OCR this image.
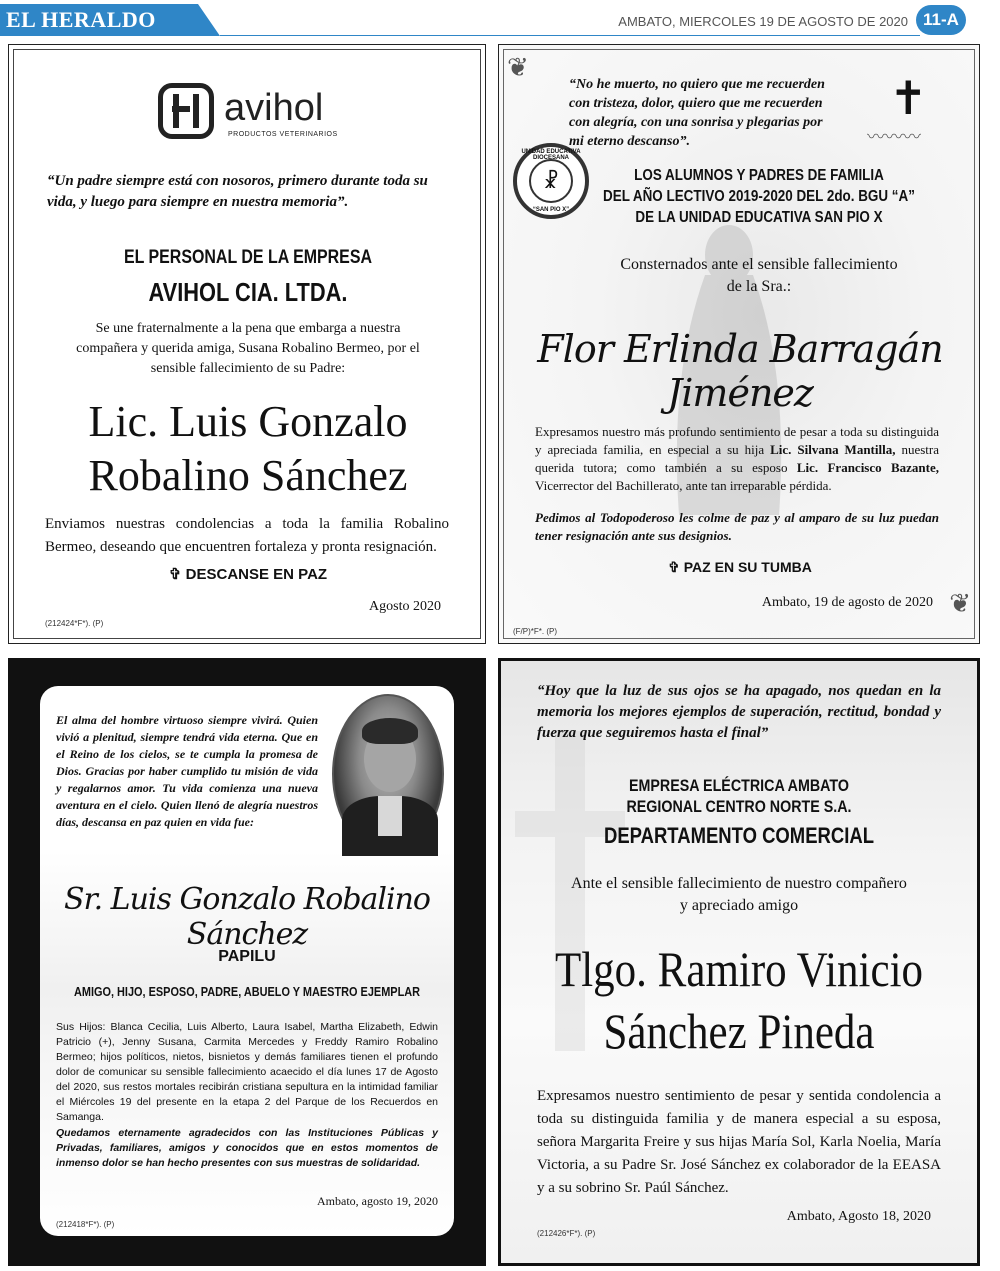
EL HERALDO	AMBATO, MIERCOLES 19 DE AGOSTO DE 2020 11-A
avihol
PRODUCTOS VETERINARIOS
“Un padre siempre está con nosoros, primero durante toda su vida, y luego para siempre en nuestra memoria”.
EL PERSONAL DE LA EMPRESA
AVIHOL CIA. LTDA.
Se une fraternalmente a la pena que embarga a nuestra compañera y querida amiga, Susana Robalino Bermeo, por el sensible fallecimiento de su Padre:
Lic. Luis Gonzalo
Robalino Sánchez
Enviamos nuestras condolencias a toda la familia Robalino Bermeo, deseando que encuentren fortaleza y pronta resignación.
✞ DESCANSE EN PAZ
Agosto 2020
(212424*F*). (P)
❦
❦
“No he muerto, no quiero que me recuerden con tristeza, dolor, quiero que me recuerden con alegría, con una sonrisa y plegarias por mi eterno descanso”.
✝
〰〰〰
UNIDAD EDUCATIVA DIOCESANA
☧
“SAN PIO X”
LOS ALUMNOS Y PADRES DE FAMILIA
DEL AÑO LECTIVO 2019-2020 DEL 2do. BGU “A”
DE LA UNIDAD EDUCATIVA SAN PIO X
Consternados ante el sensible fallecimiento
de la Sra.:
Flor Erlinda Barragán Jiménez
Expresamos nuestro más profundo sentimiento de pesar a toda su distinguida y apreciada familia, en especial a su hija Lic. Silvana Mantilla, nuestra querida tutora; como también a su esposo Lic. Francisco Bazante, Vicerrector del Bachillerato, ante tan irreparable pérdida.
Pedimos al Todopoderoso les colme de paz y al amparo de su luz puedan tener resignación ante sus designios.
✞ PAZ EN SU TUMBA
Ambato, 19 de agosto de 2020
(F/P)*F*. (P)
El alma del hombre virtuoso siempre vivirá. Quien vivió a plenitud, siempre tendrá vida eterna. Que en el Reino de los cielos, se te cumpla la promesa de Dios. Gracias por haber cumplido tu misión de vida y regalarnos amor. Tu vida comienza una nueva aventura en el cielo. Quien llenó de alegría nuestros días, descansa en paz quien en vida fue:
Sr. Luis Gonzalo Robalino Sánchez
PAPILU
AMIGO, HIJO, ESPOSO, PADRE, ABUELO Y MAESTRO EJEMPLAR
Sus Hijos: Blanca Cecilia, Luis Alberto, Laura Isabel, Martha Elizabeth, Edwin Patricio (+), Jenny Susana, Carmita Mercedes y Freddy Ramiro Robalino Bermeo; hijos políticos, nietos, bisnietos y demás familiares tienen el profundo dolor de comunicar su sensible fallecimiento acaecido el día lunes 17 de Agosto del 2020, sus restos mortales recibirán cristiana sepultura en la intimidad familiar el Miércoles 19 del presente en la etapa 2 del Parque de los Recuerdos en Samanga.
Quedamos eternamente agradecidos con las Instituciones Públicas y Privadas, familiares, amigos y conocidos que en estos momentos de inmenso dolor se han hecho presentes con sus muestras de solidaridad.
Ambato, agosto 19, 2020
(212418*F*). (P)
“Hoy que la luz de sus ojos se ha apagado, nos quedan en la memoria los mejores ejemplos de superación, rectitud, bondad y fuerza que seguiremos hasta el final”
EMPRESA ELÉCTRICA AMBATO
REGIONAL CENTRO NORTE S.A.
DEPARTAMENTO COMERCIAL
Ante el sensible fallecimiento de nuestro compañero
y apreciado amigo
Tlgo. Ramiro Vinicio
Sánchez Pineda
Expresamos nuestro sentimiento de pesar y sentida condolencia a toda su distinguida familia y de manera especial a su esposa, señora Margarita Freire y sus hijas María Sol, Karla Noelia, María Victoria, a su Padre Sr. José Sánchez ex colaborador de la EEASA y a su sobrino Sr. Paúl Sánchez.
Ambato, Agosto 18, 2020
(212426*F*). (P)
